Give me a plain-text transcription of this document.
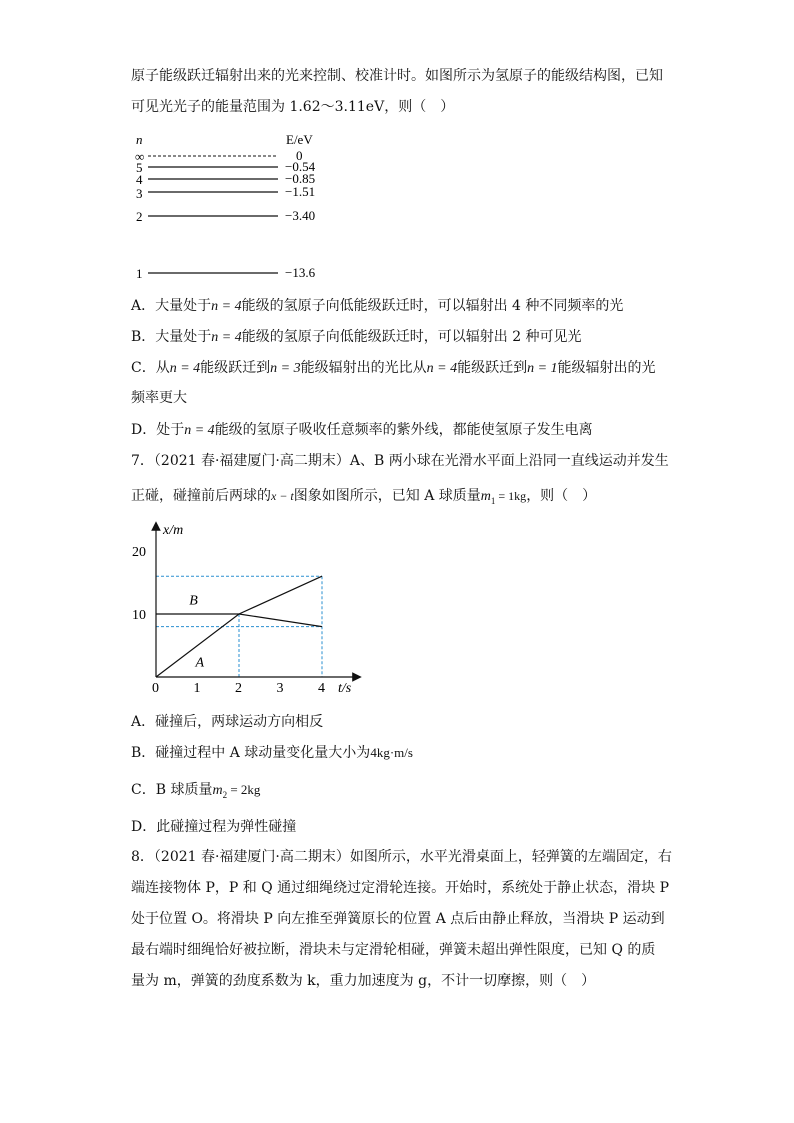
原子能级跃迁辐射出来的光来控制、校准计时。如图所示为氢原子的能级结构图，已知
可见光光子的能量范围为 1.62～3.11eV，则（　）
n	E/eV
∞	0
5	−0.54
4	−0.85
3	−1.51
2	−3.40
1	−13.6
A．大量处于n = 4能级的氢原子向低能级跃迁时，可以辐射出 4 种不同频率的光
B．大量处于n = 4能级的氢原子向低能级跃迁时，可以辐射出 2 种可见光
C．从n = 4能级跃迁到n = 3能级辐射出的光比从n = 4能级跃迁到n = 1能级辐射出的光
频率更大
D．处于n = 4能级的氢原子吸收任意频率的紫外线，都能使氢原子发生电离
7．（2021 春·福建厦门·高二期末）A、B 两小球在光滑水平面上沿同一直线运动并发生
正碰，碰撞前后两球的x − t图象如图所示，已知 A 球质量$m_1 = 1kg$，则（　）
0 1 2 3 4
10
20
A
B
x/m
t/s
A．碰撞后，两球运动方向相反
B．碰撞过程中 A 球动量变化量大小为4kg·m/s
C．B 球质量$m_2 = 2kg$
D．此碰撞过程为弹性碰撞
8．（2021 春·福建厦门·高二期末）如图所示，水平光滑桌面上，轻弹簧的左端固定，右
端连接物体 P，P 和 Q 通过细绳绕过定滑轮连接。开始时，系统处于静止状态，滑块 P
处于位置 O。将滑块 P 向左推至弹簧原长的位置 A 点后由静止释放，当滑块 P 运动到
最右端时细绳恰好被拉断，滑块未与定滑轮相碰，弹簧未超出弹性限度，已知 Q 的质
量为 m，弹簧的劲度系数为 k，重力加速度为 g，不计一切摩擦，则（　）
